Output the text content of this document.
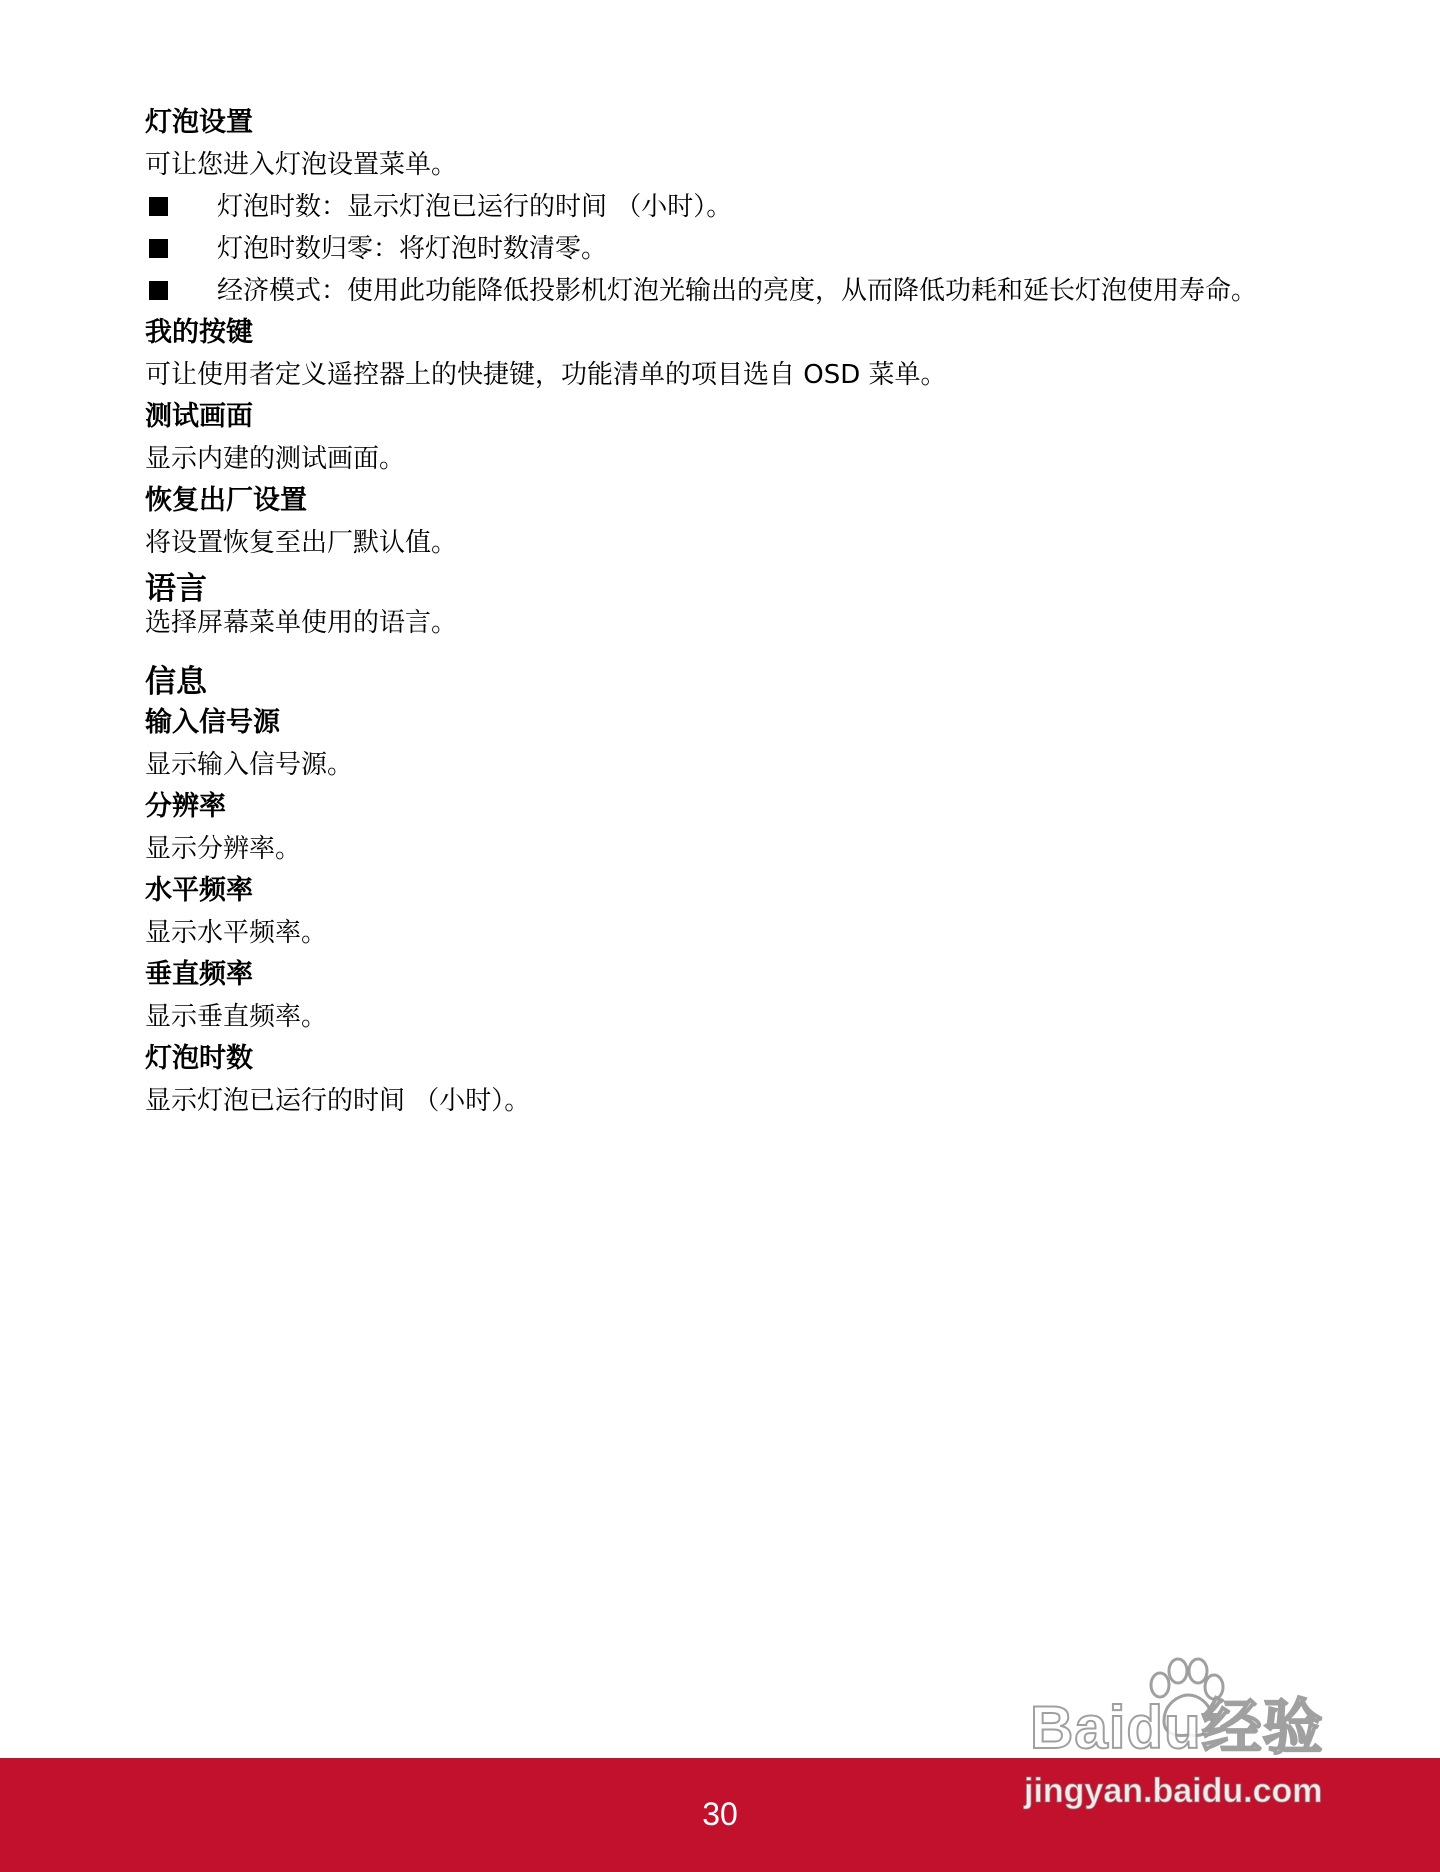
灯泡设置

可让您进入灯泡设置菜单。

灯泡时数：显示灯泡已运行的时间 （小时）。
灯泡时数归零：将灯泡时数清零。
经济模式：使用此功能降低投影机灯泡光输出的亮度，从而降低功耗和延长灯泡使用寿命。

我的按键

可让使用者定义遥控器上的快捷键，功能清单的项目选自 OSD 菜单。

测试画面

显示内建的测试画面。

恢复出厂设置

将设置恢复至出厂默认值。

语言

选择屏幕菜单使用的语言。

信息

输入信号源

显示输入信号源。

分辨率

显示分辨率。

水平频率

显示水平频率。

垂直频率

显示垂直频率。

灯泡时数

显示灯泡已运行的时间 （小时）。

30
Baidu经验
jingyan.baidu.com
